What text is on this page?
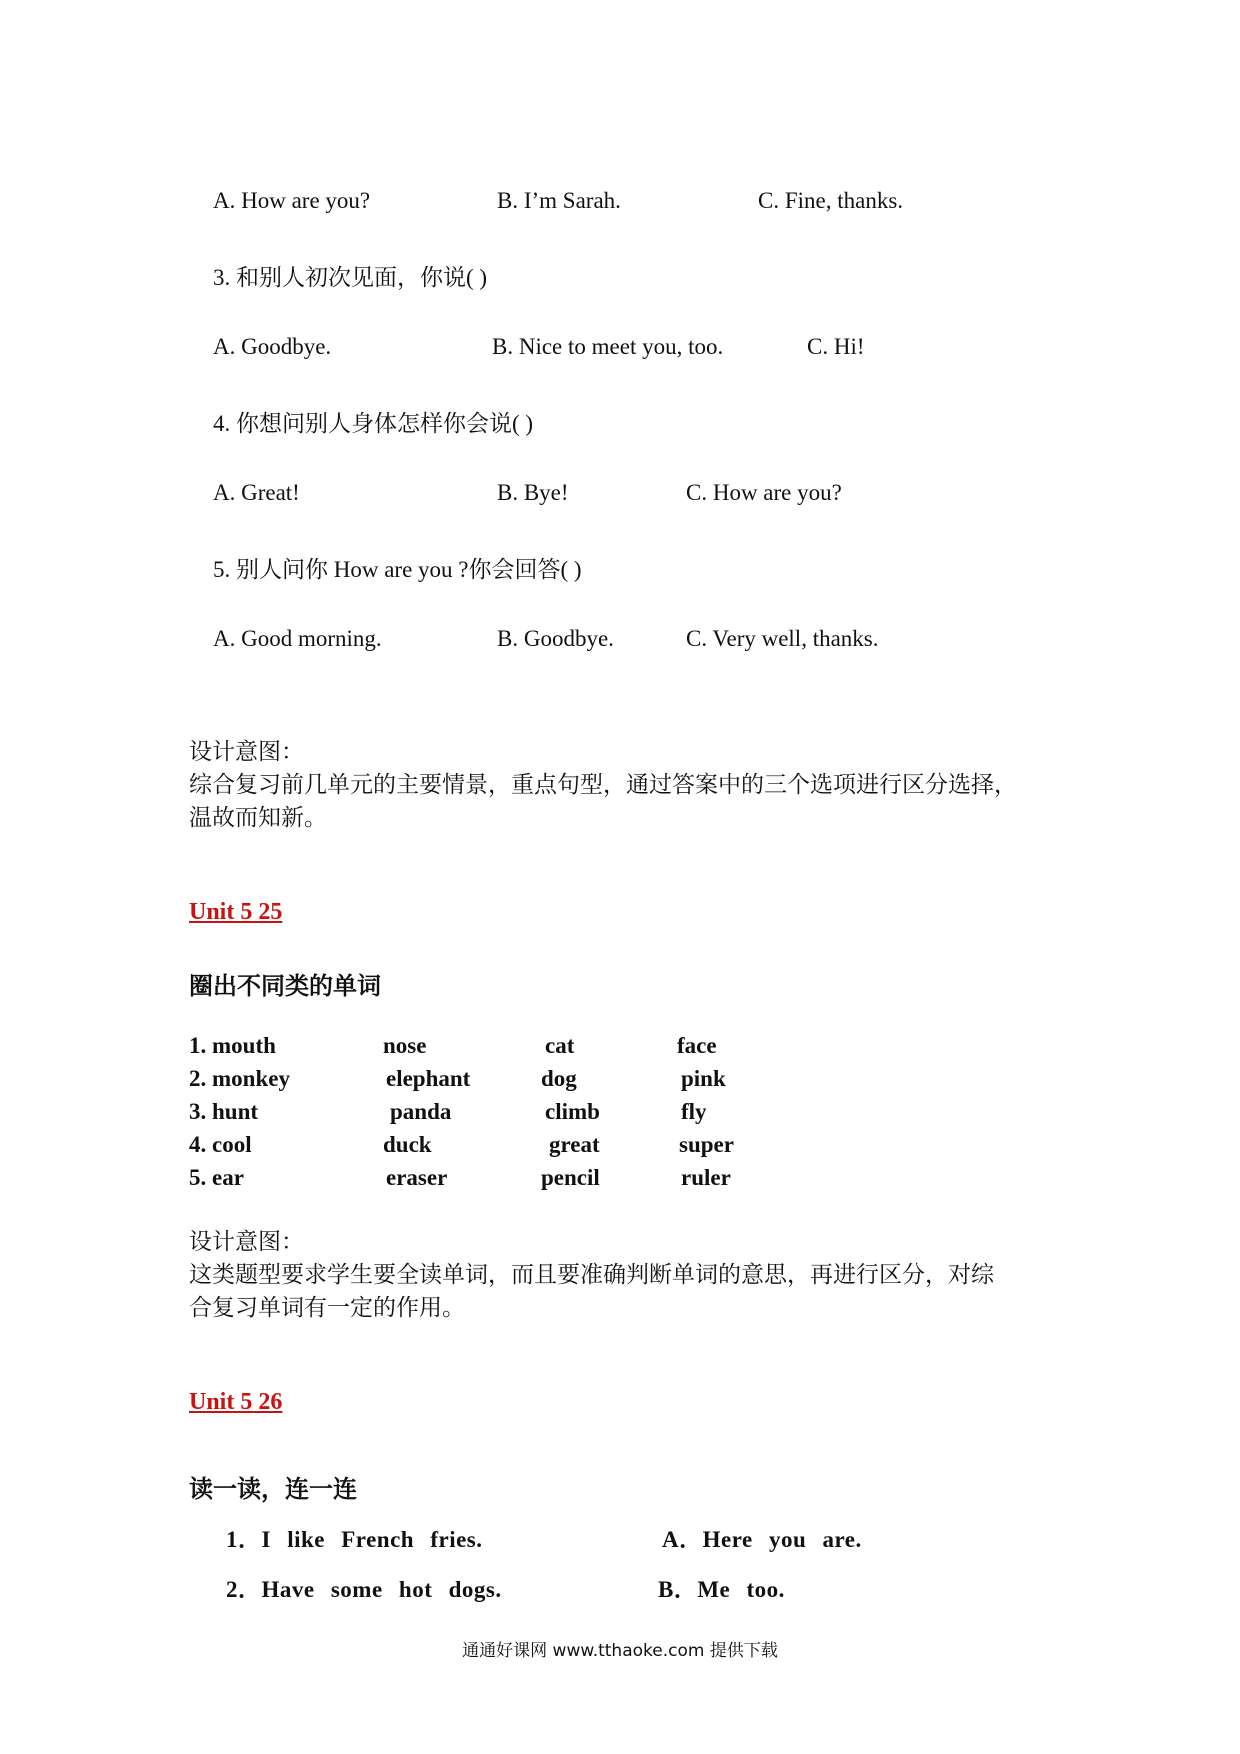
A. How are you?	B. I’m Sarah.	C. Fine, thanks.
3. 和别人初次见面，你说( )
A. Goodbye.	B. Nice to meet you, too.	C. Hi!
4. 你想问别人身体怎样你会说( )
A. Great!	B. Bye!	C. How are you?
5. 别人问你 How are you ?你会回答( )
A. Good morning.	B. Goodbye.	C. Very well, thanks.
设计意图：
综合复习前几单元的主要情景，重点句型，通过答案中的三个选项进行区分选择，
温故而知新。
Unit 5 25
圈出不同类的单词
1. mouth	nose	cat	face
2. monkey	elephant	dog	pink
3. hunt	panda	climb	fly
4. cool	duck	great	super
5. ear	eraser	pencil	ruler
设计意图：
这类题型要求学生要全读单词，而且要准确判断单词的意思，再进行区分，对综
合复习单词有一定的作用。
Unit 5 26
读一读，连一连
1．I like French fries.	A．Here you are.
2．Have some hot dogs.	B．Me too.
通通好课网 www.tthaoke.com 提供下载
